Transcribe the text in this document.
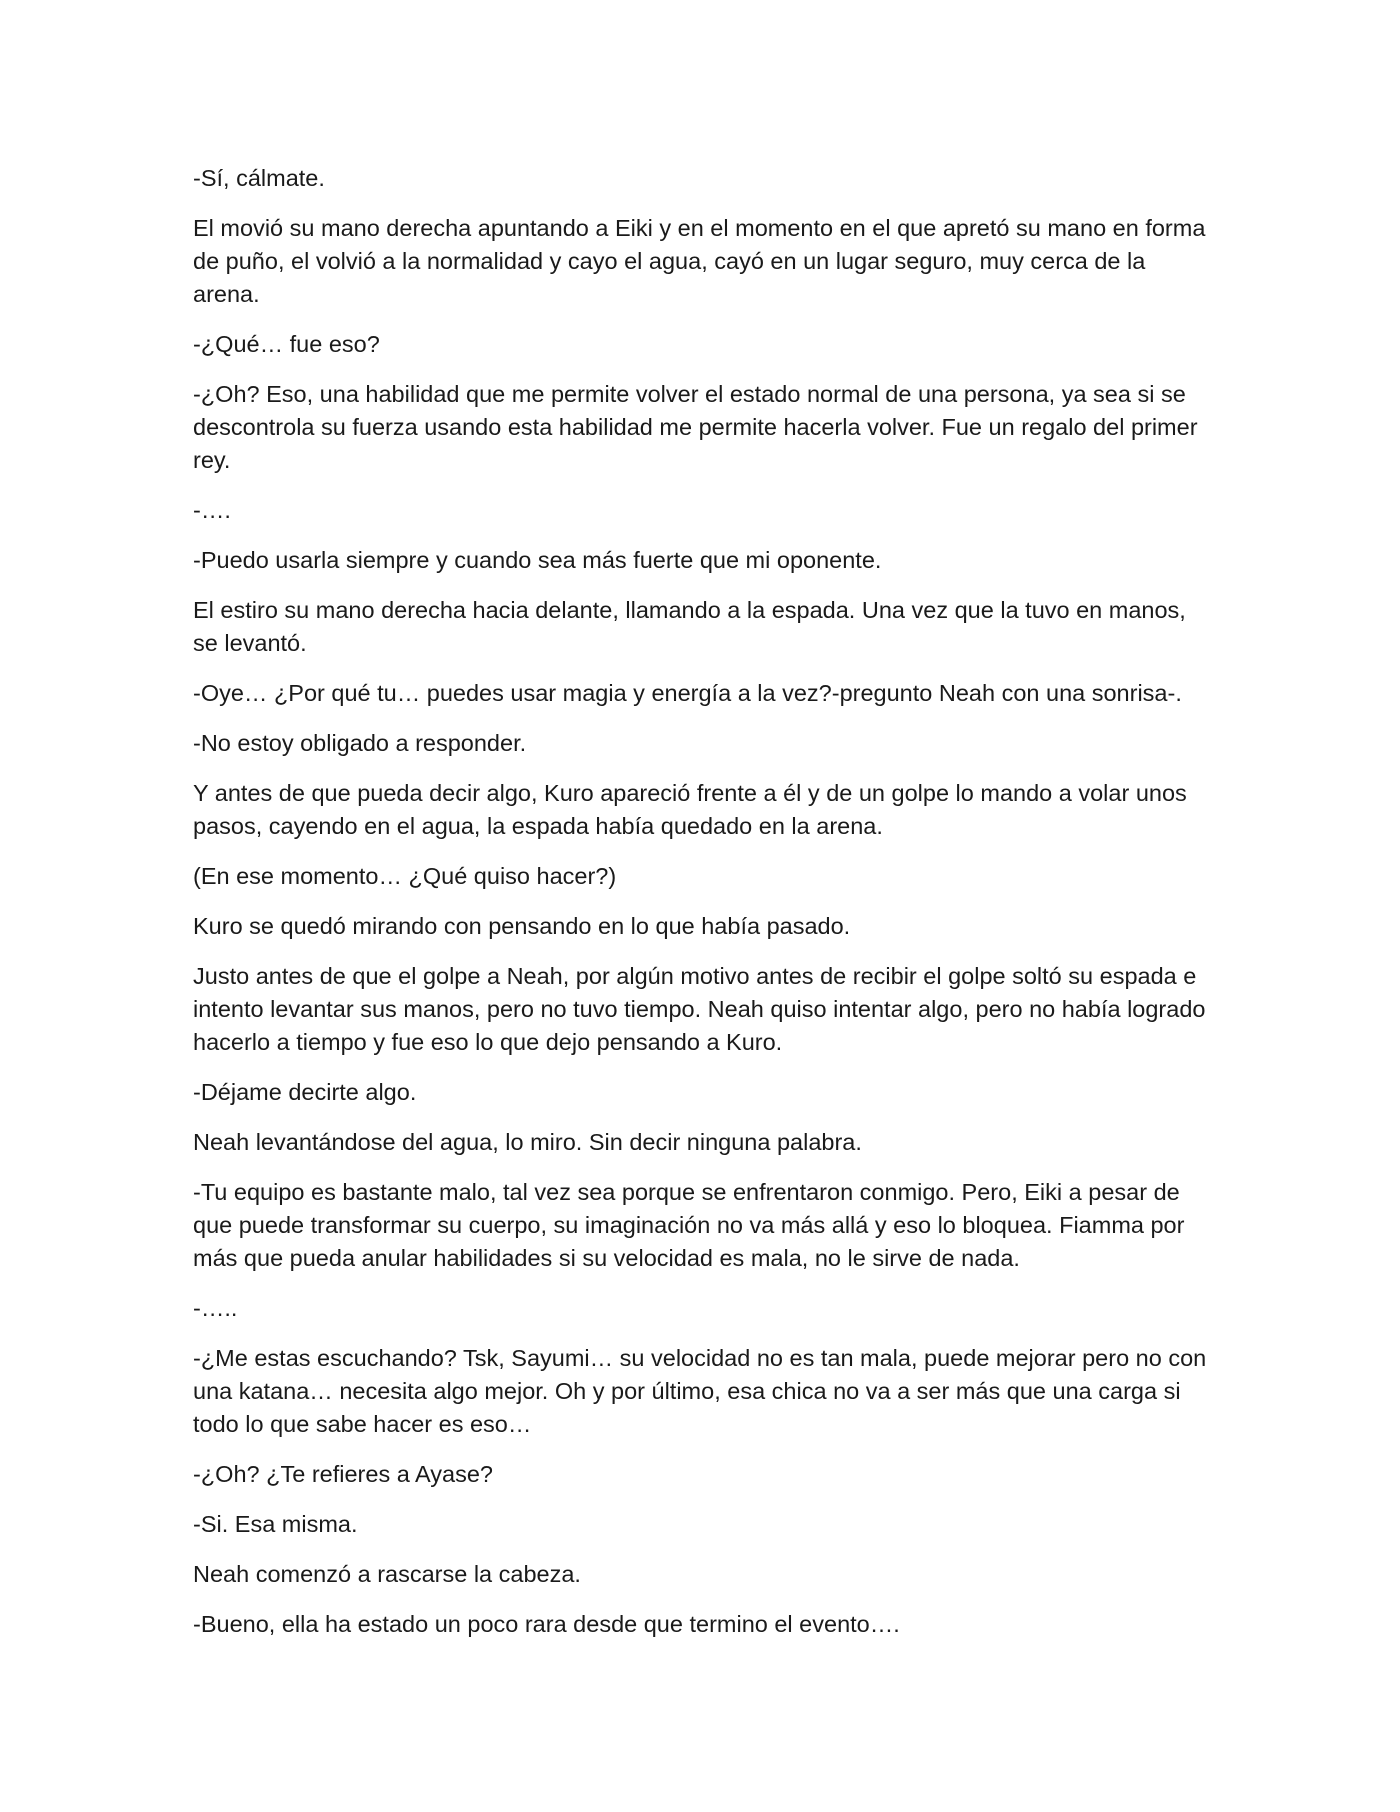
-Sí, cálmate.

El movió su mano derecha apuntando a Eiki y en el momento en el que apretó su mano en forma de puño, el volvió a la normalidad y cayo el agua, cayó en un lugar seguro, muy cerca de la arena.

-¿Qué… fue eso?

-¿Oh? Eso, una habilidad que me permite volver el estado normal de una persona, ya sea si se descontrola su fuerza usando esta habilidad me permite hacerla volver. Fue un regalo del primer rey.

-….

-Puedo usarla siempre y cuando sea más fuerte que mi oponente.

El estiro su mano derecha hacia delante, llamando a la espada. Una vez que la tuvo en manos, se levantó.

-Oye… ¿Por qué tu… puedes usar magia y energía a la vez?-pregunto Neah con una sonrisa-.

-No estoy obligado a responder.

Y antes de que pueda decir algo, Kuro apareció frente a él y de un golpe lo mando a volar unos pasos, cayendo en el agua, la espada había quedado en la arena.

(En ese momento… ¿Qué quiso hacer?)

Kuro se quedó mirando con pensando en lo que había pasado.

Justo antes de que el golpe a Neah, por algún motivo antes de recibir el golpe soltó su espada e intento levantar sus manos, pero no tuvo tiempo. Neah quiso intentar algo, pero no había logrado hacerlo a tiempo y fue eso lo que dejo pensando a Kuro.

-Déjame decirte algo.

Neah levantándose del agua, lo miro. Sin decir ninguna palabra.

-Tu equipo es bastante malo, tal vez sea porque se enfrentaron conmigo. Pero, Eiki a pesar de que puede transformar su cuerpo, su imaginación no va más allá y eso lo bloquea. Fiamma por más que pueda anular habilidades si su velocidad es mala, no le sirve de nada.

-…..

-¿Me estas escuchando? Tsk, Sayumi… su velocidad no es tan mala, puede mejorar pero no con una katana… necesita algo mejor. Oh y por último, esa chica no va a ser más que una carga si todo lo que sabe hacer es eso…

-¿Oh? ¿Te refieres a Ayase?

-Si. Esa misma.

Neah comenzó a rascarse la cabeza.

-Bueno, ella ha estado un poco rara desde que termino el evento….
